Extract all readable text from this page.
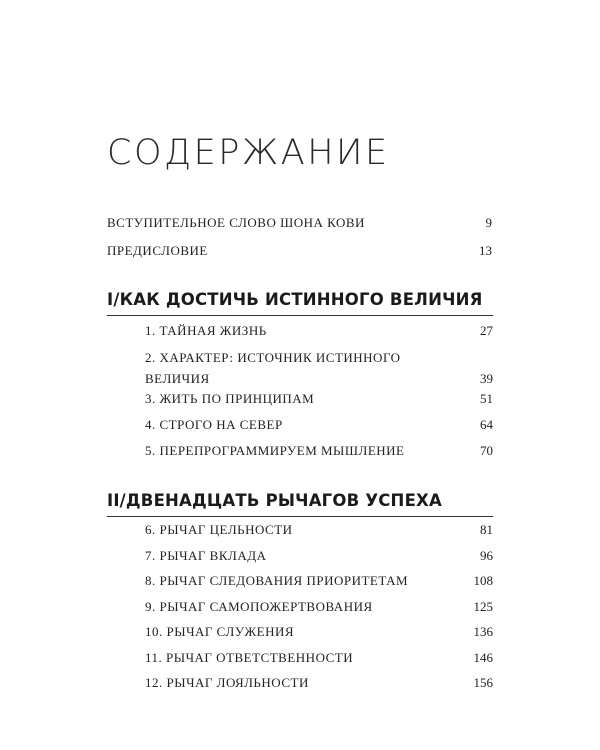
СОДЕРЖАНИЕ
ВСТУПИТЕЛЬНОЕ СЛОВО ШОНА КОВИ	9
ПРЕДИСЛОВИЕ	13
I/КАК ДОСТИЧЬ ИСТИННОГО ВЕЛИЧИЯ
1. ТАЙНАЯ ЖИЗНЬ	27
2. ХАРАКТЕР: ИСТОЧНИК ИСТИННОГО
ВЕЛИЧИЯ	39
3. ЖИТЬ ПО ПРИНЦИПАМ	51
4. СТРОГО НА СЕВЕР	64
5. ПЕРЕПРОГРАММИРУЕМ МЫШЛЕНИЕ	70
II/ДВЕНАДЦАТЬ РЫЧАГОВ УСПЕХА
6. РЫЧАГ ЦЕЛЬНОСТИ	81
7. РЫЧАГ ВКЛАДА	96
8. РЫЧАГ СЛЕДОВАНИЯ ПРИОРИТЕТАМ	108
9. РЫЧАГ САМОПОЖЕРТВОВАНИЯ	125
10. РЫЧАГ СЛУЖЕНИЯ	136
11. РЫЧАГ ОТВЕТСТВЕННОСТИ	146
12. РЫЧАГ ЛОЯЛЬНОСТИ	156
